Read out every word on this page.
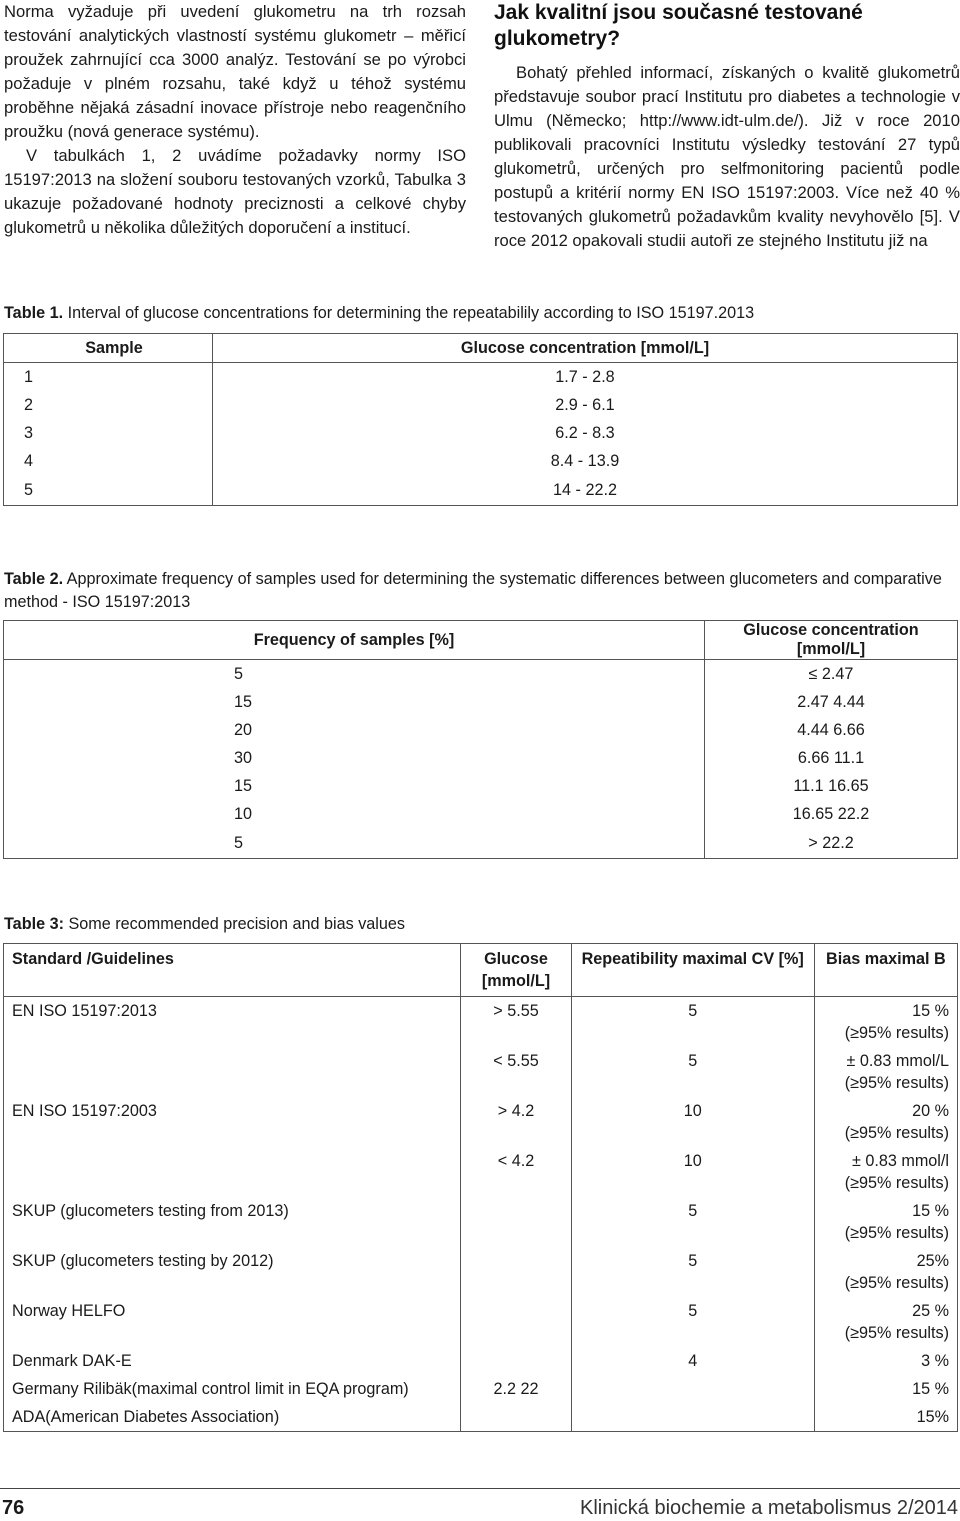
Norma vyžaduje při uvedení glukometru na trh rozsah testování analytických vlastností systému glukometr – měřicí proužek zahrnující cca 3000 analýz. Testování se po výrobci požaduje v plném rozsahu, také když u téhož systému proběhne nějaká zásadní inovace přístroje nebo reagenčního proužku (nová generace systému).

V tabulkách 1, 2 uvádíme požadavky normy ISO 15197:2013 na složení souboru testovaných vzorků, Tabulka 3 ukazuje požadované hodnoty preciznosti a celkové chyby glukometrů u několika důležitých doporučení a institucí.

Jak kvalitní jsou současné testované glukometry?

Bohatý přehled informací, získaných o kvalitě glukometrů představuje soubor prací Institutu pro diabetes a technologie v Ulmu (Německo; http://www.idt-ulm.de/). Již v roce 2010 publikovali pracovníci Institutu výsledky testování 27 typů glukometrů, určených pro selfmonitoring pacientů podle postupů a kritérií normy EN ISO 15197:2003. Více než 40 % testovaných glukometrů požadavkům kvality nevyhovělo [5]. V roce 2012 opakovali studii autoři ze stejného Institutu již na

Table 1. Interval of glucose concentrations for determining the repeatabilily according to ISO 15197.2013
Sample	Glucose concentration [mmol/L]
1	1.7 - 2.8
2	2.9 - 6.1
3	6.2 - 8.3
4	8.4 - 13.9
5	14 - 22.2
Table 2. Approximate frequency of samples used for determining the systematic differences between glucometers and comparative method - ISO 15197:2013
Frequency of samples [%]	Glucose concentration [mmol/L]
5	≤ 2.47
15	2.47 4.44
20	4.44 6.66
30	6.66 11.1
15	11.1 16.65
10	16.65 22.2
5	> 22.2
Table 3: Some recommended precision and bias values
Standard /Guidelines	Glucose [mmol/L]	Repeatibility maximal CV [%]	Bias maximal B
EN ISO 15197:2013	> 5.55	5	15 %
(≥95% results)
	< 5.55	5	± 0.83 mmol/L
(≥95% results)
EN ISO 15197:2003	> 4.2	10	20 %
(≥95% results)
	< 4.2	10	± 0.83 mmol/l
(≥95% results)
SKUP (glucometers testing from 2013)		5	15 %
(≥95% results)
SKUP (glucometers testing by 2012)		5	25%
(≥95% results)
Norway HELFO		5	25 %
(≥95% results)
Denmark DAK-E		4	3 %
Germany Rilibäk(maximal control limit in EQA program)	2.2 22		15 %
ADA(American Diabetes Association)			15%
76	Klinická biochemie a metabolismus 2/2014
